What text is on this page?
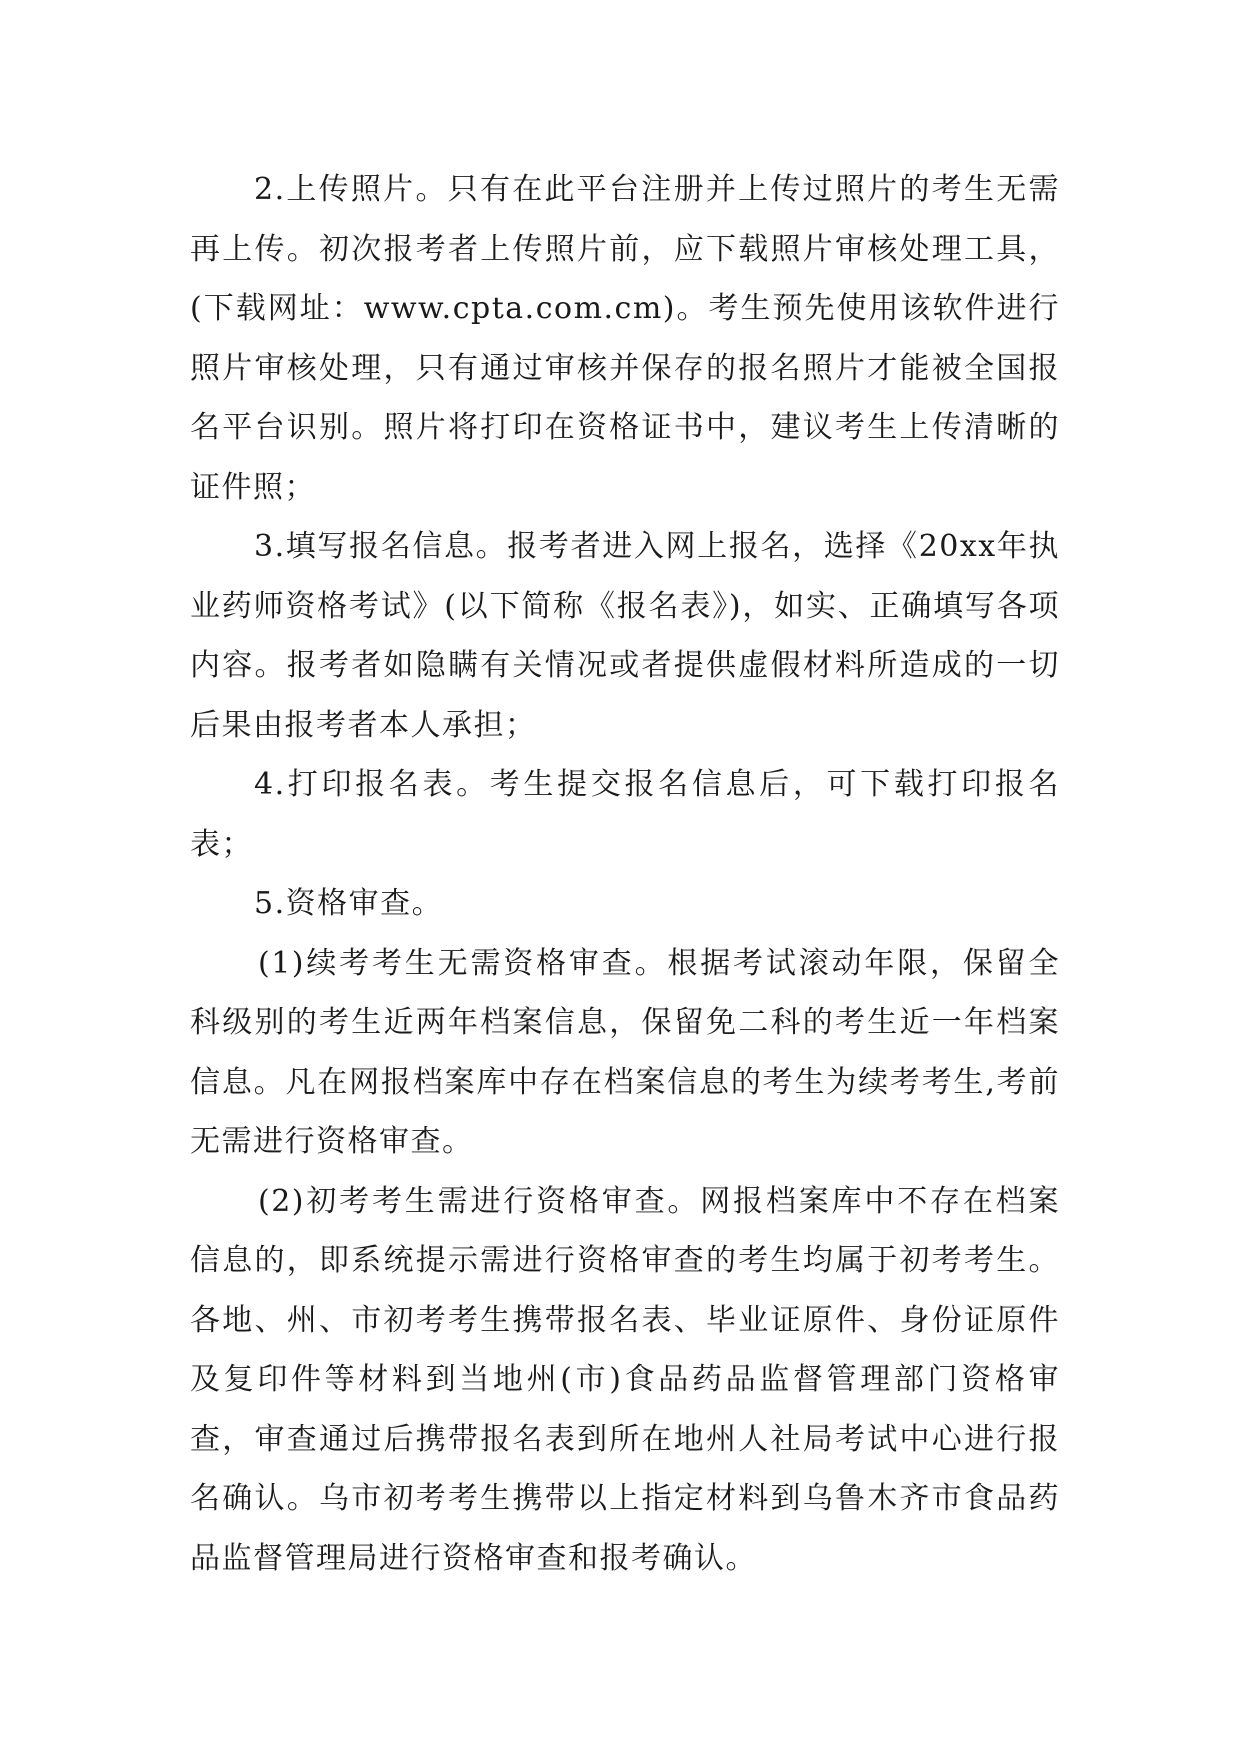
2.上传照片。只有在此平台注册并上传过照片的考生无需再上传。初次报考者上传照片前，应下载照片审核处理工具，(下载网址：www.cpta.com.cm)。考生预先使用该软件进行照片审核处理，只有通过审核并保存的报名照片才能被全国报名平台识别。照片将打印在资格证书中，建议考生上传清晰的证件照；

3.填写报名信息。报考者进入网上报名，选择《20xx年执业药师资格考试》(以下简称《报名表》)，如实、正确填写各项内容。报考者如隐瞒有关情况或者提供虚假材料所造成的一切后果由报考者本人承担；

4.打印报名表。考生提交报名信息后，可下载打印报名表；

5.资格审查。

(1)续考考生无需资格审查。根据考试滚动年限，保留全科级别的考生近两年档案信息，保留免二科的考生近一年档案信息。凡在网报档案库中存在档案信息的考生为续考考生,考前无需进行资格审查。

(2)初考考生需进行资格审查。网报档案库中不存在档案信息的，即系统提示需进行资格审查的考生均属于初考考生。各地、州、市初考考生携带报名表、毕业证原件、身份证原件及复印件等材料到当地州(市)食品药品监督管理部门资格审查，审查通过后携带报名表到所在地州人社局考试中心进行报名确认。乌市初考考生携带以上指定材料到乌鲁木齐市食品药品监督管理局进行资格审查和报考确认。
